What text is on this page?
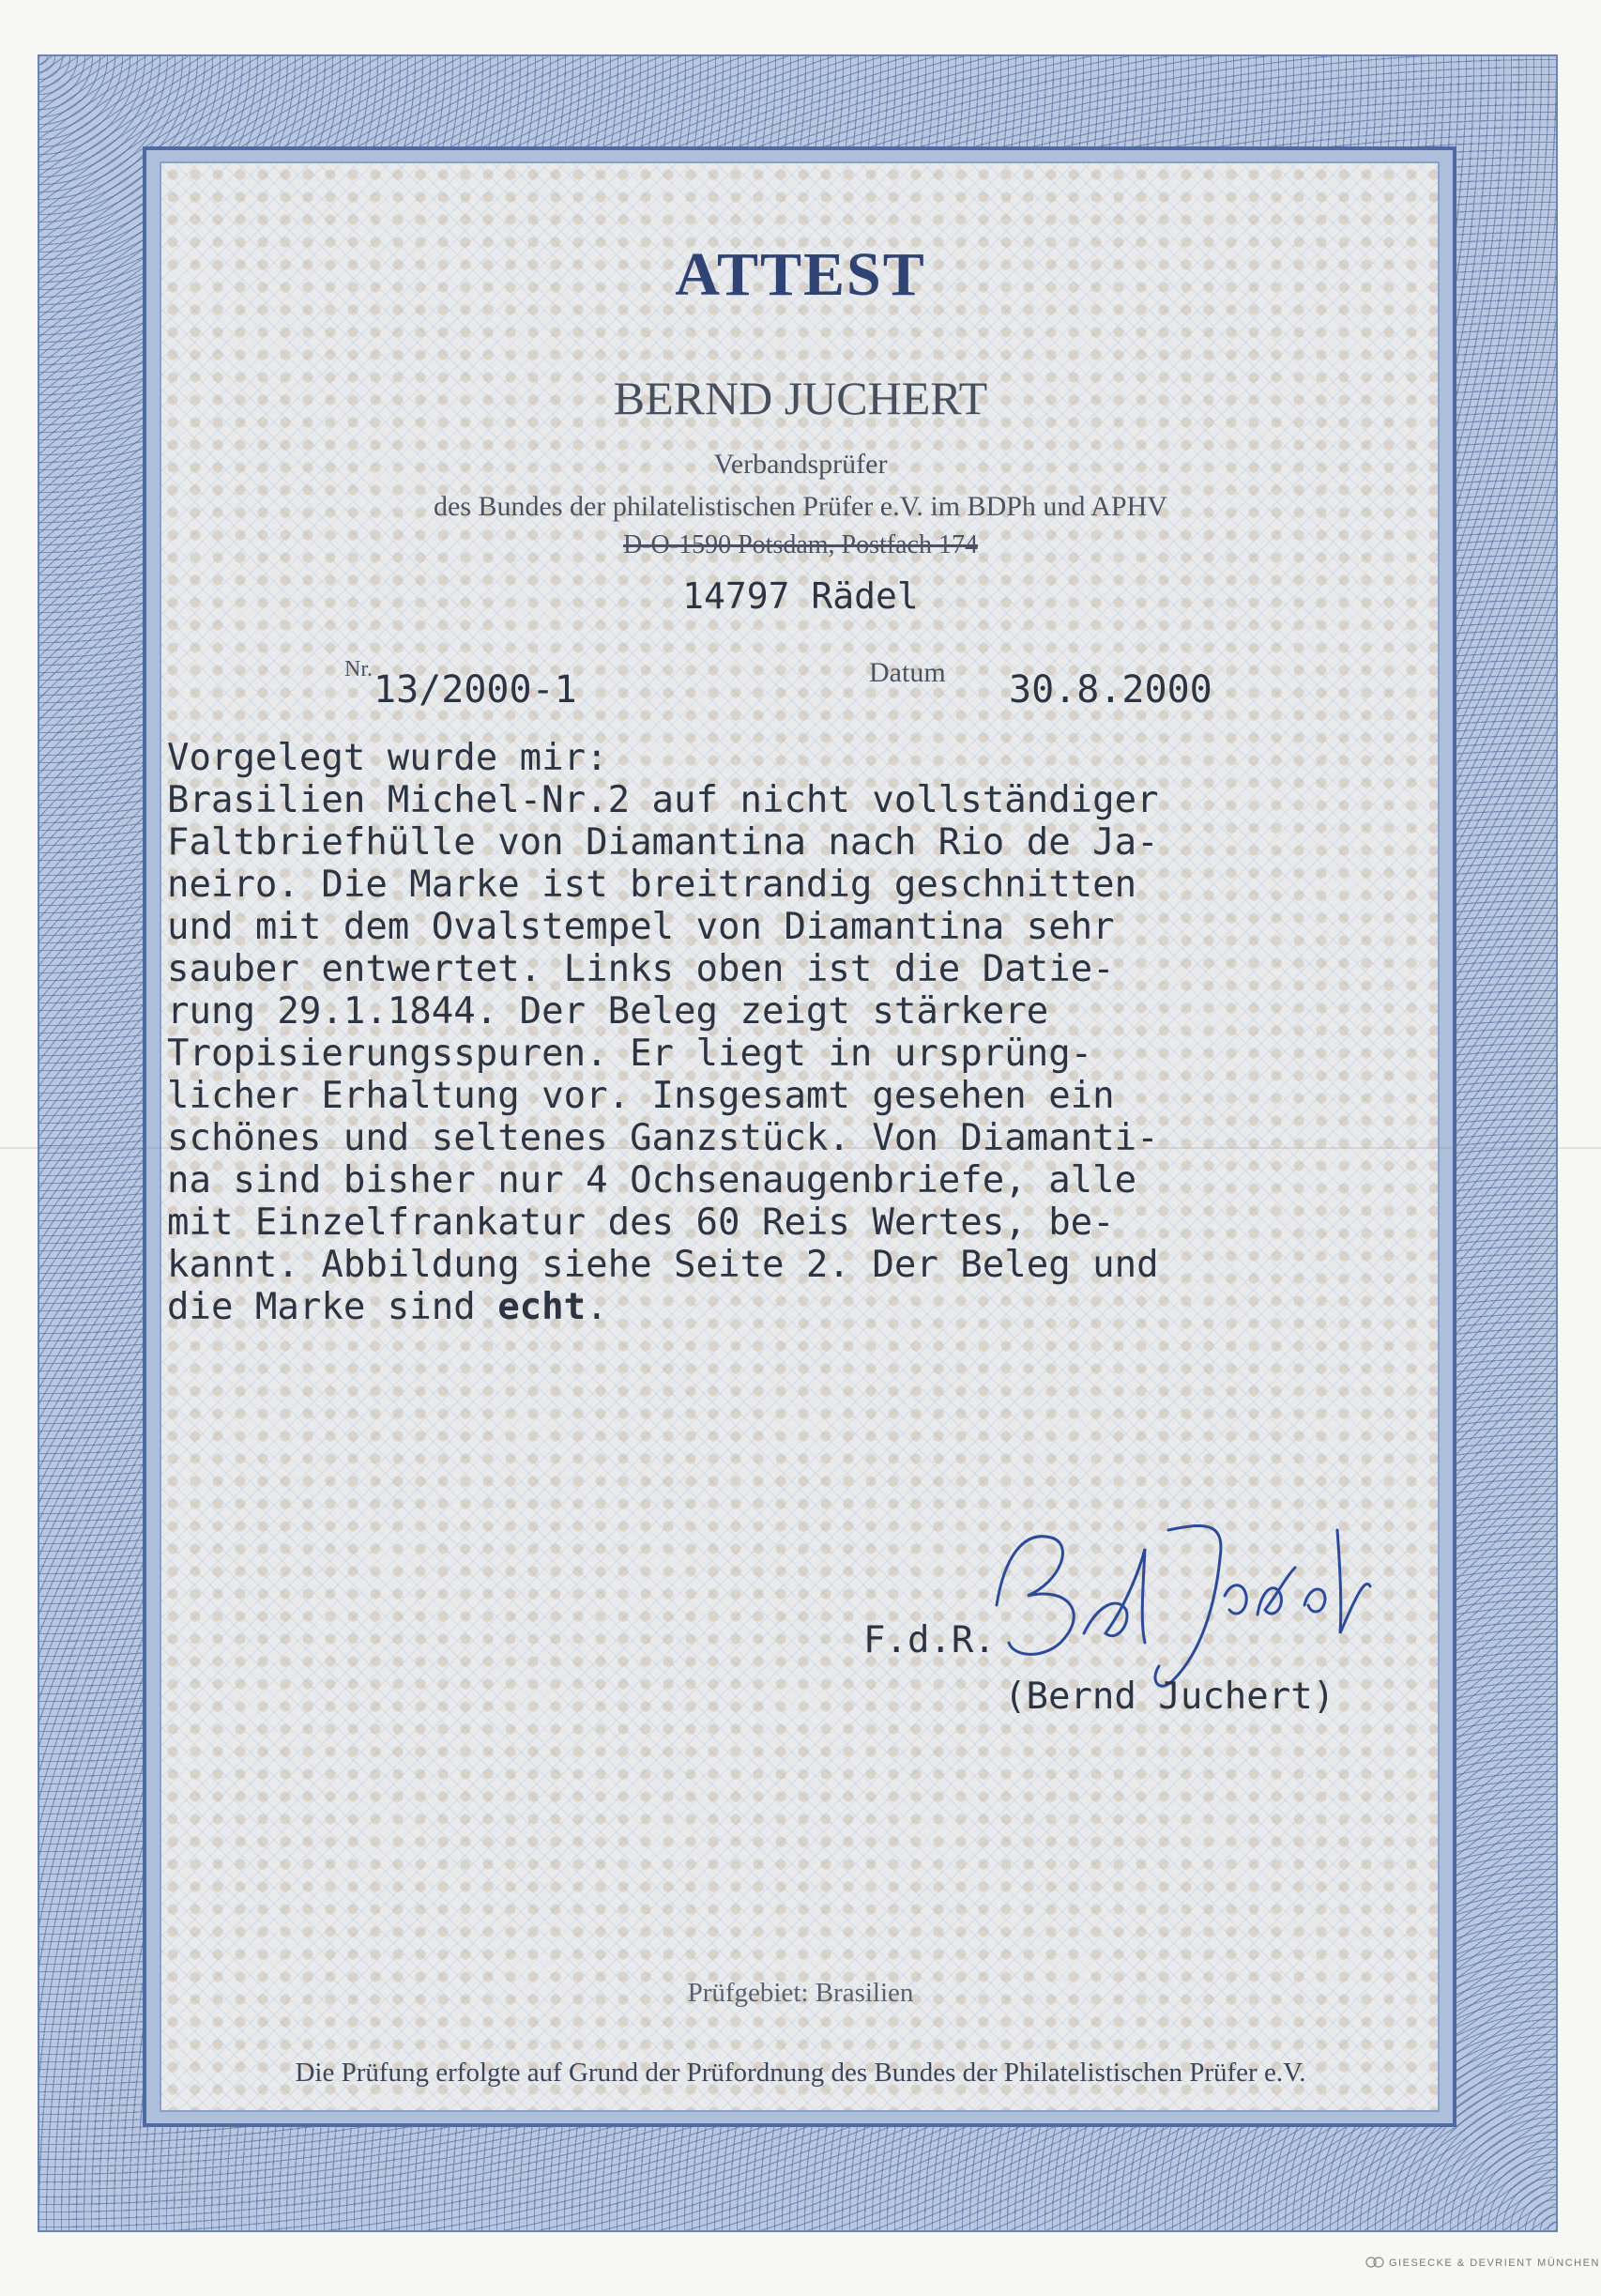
ATTEST

BERND JUCHERT

Verbandsprüfer

des Bundes der philatelistischen Prüfer e.V. im BDPh und APHV

D-O-1590 Potsdam, Postfach 174

14797 Rädel

Nr. 13/2000-1	Datum 30.8.2000

Vorgelegt wurde mir:

Brasilien Michel-Nr.2 auf nicht vollständiger

Faltbriefhülle von Diamantina nach Rio de Ja-

neiro. Die Marke ist breitrandig geschnitten

und mit dem Ovalstempel von Diamantina sehr

sauber entwertet. Links oben ist die Datie-

rung 29.1.1844. Der Beleg zeigt stärkere

Tropisierungsspuren. Er liegt in ursprüng-

licher Erhaltung vor. Insgesamt gesehen ein

schönes und seltenes Ganzstück. Von Diamanti-

na sind bisher nur 4 Ochsenaugenbriefe, alle

mit Einzelfrankatur des 60 Reis Wertes, be-

kannt. Abbildung siehe Seite 2. Der Beleg und

die Marke sind echt.

F.d.R.

(Bernd Juchert)

Prüfgebiet: Brasilien

Die Prüfung erfolgte auf Grund der Prüfordnung des Bundes der Philatelistischen Prüfer e.V.

GIESECKE & DEVRIENT MÜNCHEN
